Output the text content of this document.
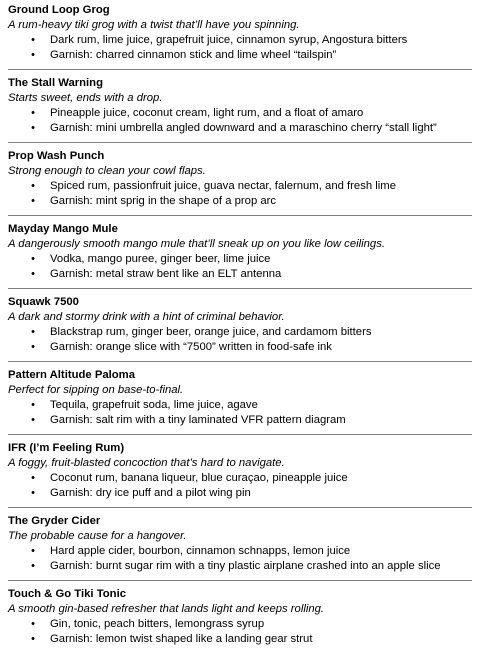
Ground Loop Grog
A rum-heavy tiki grog with a twist that’ll have you spinning.
• Dark rum, lime juice, grapefruit juice, cinnamon syrup, Angostura bitters
• Garnish: charred cinnamon stick and lime wheel “tailspin”
The Stall Warning
Starts sweet, ends with a drop.
• Pineapple juice, coconut cream, light rum, and a float of amaro
• Garnish: mini umbrella angled downward and a maraschino cherry “stall light”
Prop Wash Punch
Strong enough to clean your cowl flaps.
• Spiced rum, passionfruit juice, guava nectar, falernum, and fresh lime
• Garnish: mint sprig in the shape of a prop arc
Mayday Mango Mule
A dangerously smooth mango mule that’ll sneak up on you like low ceilings.
• Vodka, mango puree, ginger beer, lime juice
• Garnish: metal straw bent like an ELT antenna
Squawk 7500
A dark and stormy drink with a hint of criminal behavior.
• Blackstrap rum, ginger beer, orange juice, and cardamom bitters
• Garnish: orange slice with “7500” written in food-safe ink
Pattern Altitude Paloma
Perfect for sipping on base-to-final.
• Tequila, grapefruit soda, lime juice, agave
• Garnish: salt rim with a tiny laminated VFR pattern diagram
IFR (I’m Feeling Rum)
A foggy, fruit-blasted concoction that’s hard to navigate.
• Coconut rum, banana liqueur, blue curaçao, pineapple juice
• Garnish: dry ice puff and a pilot wing pin
The Gryder Cider
The probable cause for a hangover.
• Hard apple cider, bourbon, cinnamon schnapps, lemon juice
• Garnish: burnt sugar rim with a tiny plastic airplane crashed into an apple slice
Touch & Go Tiki Tonic
A smooth gin-based refresher that lands light and keeps rolling.
• Gin, tonic, peach bitters, lemongrass syrup
• Garnish: lemon twist shaped like a landing gear strut
